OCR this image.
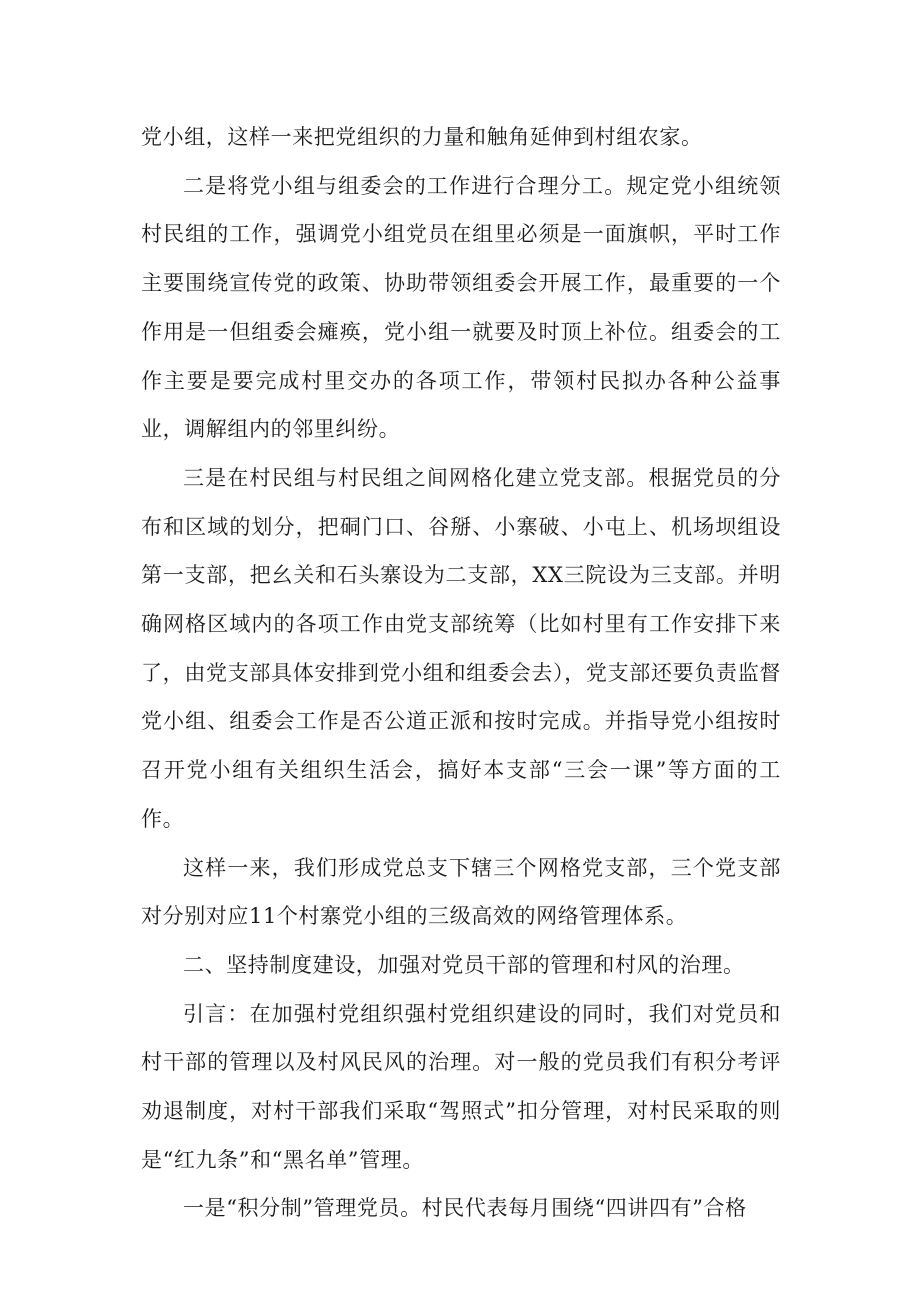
党小组，这样一来把党组织的力量和触角延伸到村组农家。

二是将党小组与组委会的工作进行合理分工。规定党小组统领村民组的工作，强调党小组党员在组里必须是一面旗帜，平时工作主要围绕宣传党的政策、协助带领组委会开展工作，最重要的一个作用是一但组委会瘫痪，党小组一就要及时顶上补位。组委会的工作主要是要完成村里交办的各项工作，带领村民拟办各种公益事业，调解组内的邻里纠纷。

三是在村民组与村民组之间网格化建立党支部。根据党员的分布和区域的划分，把硐门口、谷掰、小寨破、小屯上、机场坝组设第一支部，把幺关和石头寨设为二支部，XX三院设为三支部。并明确网格区域内的各项工作由党支部统筹（比如村里有工作安排下来了，由党支部具体安排到党小组和组委会去），党支部还要负责监督党小组、组委会工作是否公道正派和按时完成。并指导党小组按时召开党小组有关组织生活会，搞好本支部“三会一课”等方面的工作。

这样一来，我们形成党总支下辖三个网格党支部，三个党支部对分别对应11个村寨党小组的三级高效的网络管理体系。

二、坚持制度建设，加强对党员干部的管理和村风的治理。

引言：在加强村党组织强村党组织建设的同时，我们对党员和村干部的管理以及村风民风的治理。对一般的党员我们有积分考评劝退制度，对村干部我们采取“驾照式”扣分管理，对村民采取的则是“红九条”和“黑名单”管理。

一是“积分制”管理党员。村民代表每月围绕“四讲四有”合格
